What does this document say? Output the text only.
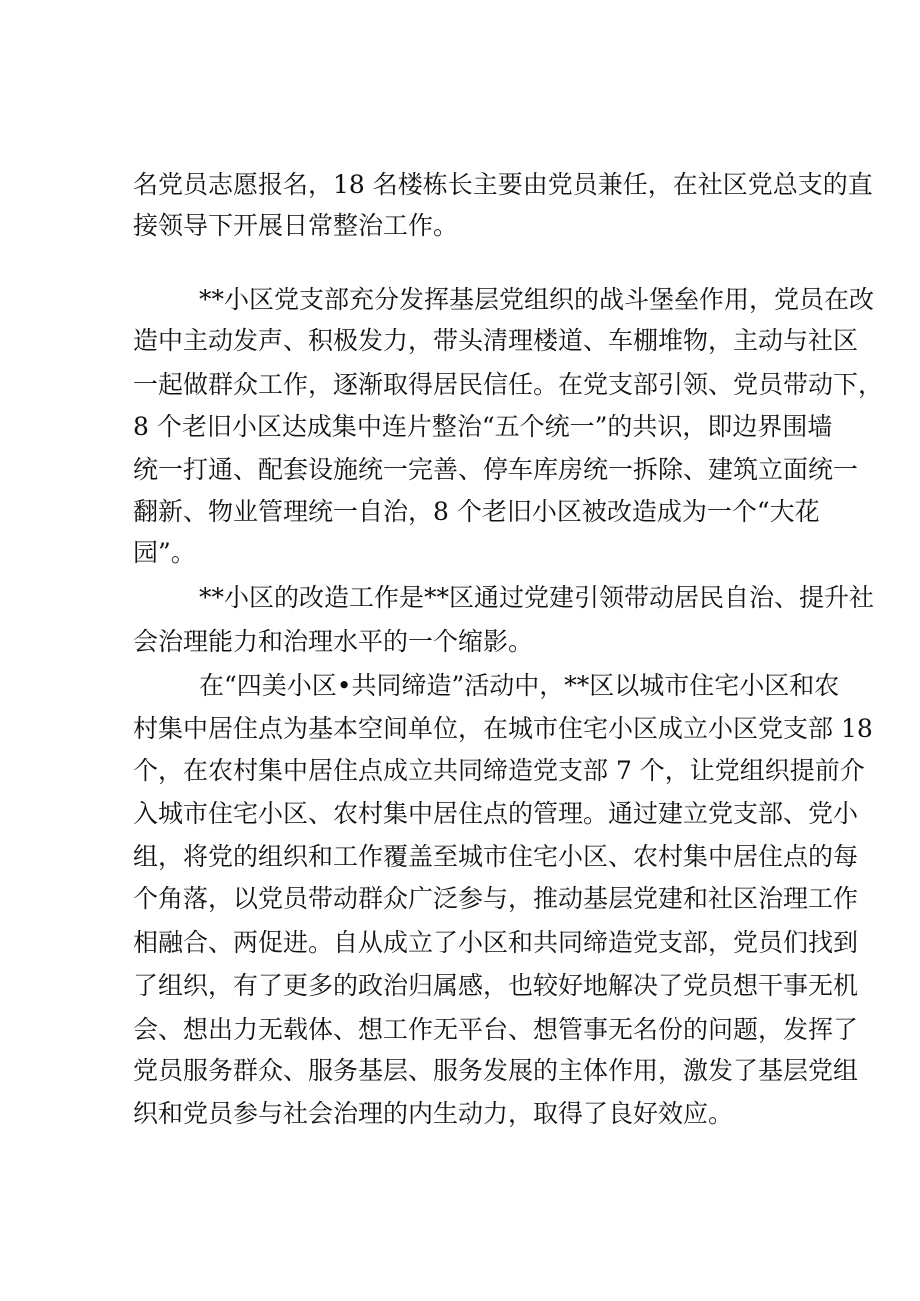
名党员志愿报名，18 名楼栋长主要由党员兼任，在社区党总支的直
接领导下开展日常整治工作。
**小区党支部充分发挥基层党组织的战斗堡垒作用，党员在改
造中主动发声、积极发力，带头清理楼道、车棚堆物，主动与社区
一起做群众工作，逐渐取得居民信任。在党支部引领、党员带动下，
8 个老旧小区达成集中连片整治“五个统一”的共识，即边界围墙
统一打通、配套设施统一完善、停车库房统一拆除、建筑立面统一
翻新、物业管理统一自治，8 个老旧小区被改造成为一个“大花
园”。
**小区的改造工作是**区通过党建引领带动居民自治、提升社
会治理能力和治理水平的一个缩影。
在“四美小区•共同缔造”活动中，**区以城市住宅小区和农
村集中居住点为基本空间单位，在城市住宅小区成立小区党支部 18
个，在农村集中居住点成立共同缔造党支部 7 个，让党组织提前介
入城市住宅小区、农村集中居住点的管理。通过建立党支部、党小
组，将党的组织和工作覆盖至城市住宅小区、农村集中居住点的每
个角落，以党员带动群众广泛参与，推动基层党建和社区治理工作
相融合、两促进。自从成立了小区和共同缔造党支部，党员们找到
了组织，有了更多的政治归属感，也较好地解决了党员想干事无机
会、想出力无载体、想工作无平台、想管事无名份的问题，发挥了
党员服务群众、服务基层、服务发展的主体作用，激发了基层党组
织和党员参与社会治理的内生动力，取得了良好效应。
